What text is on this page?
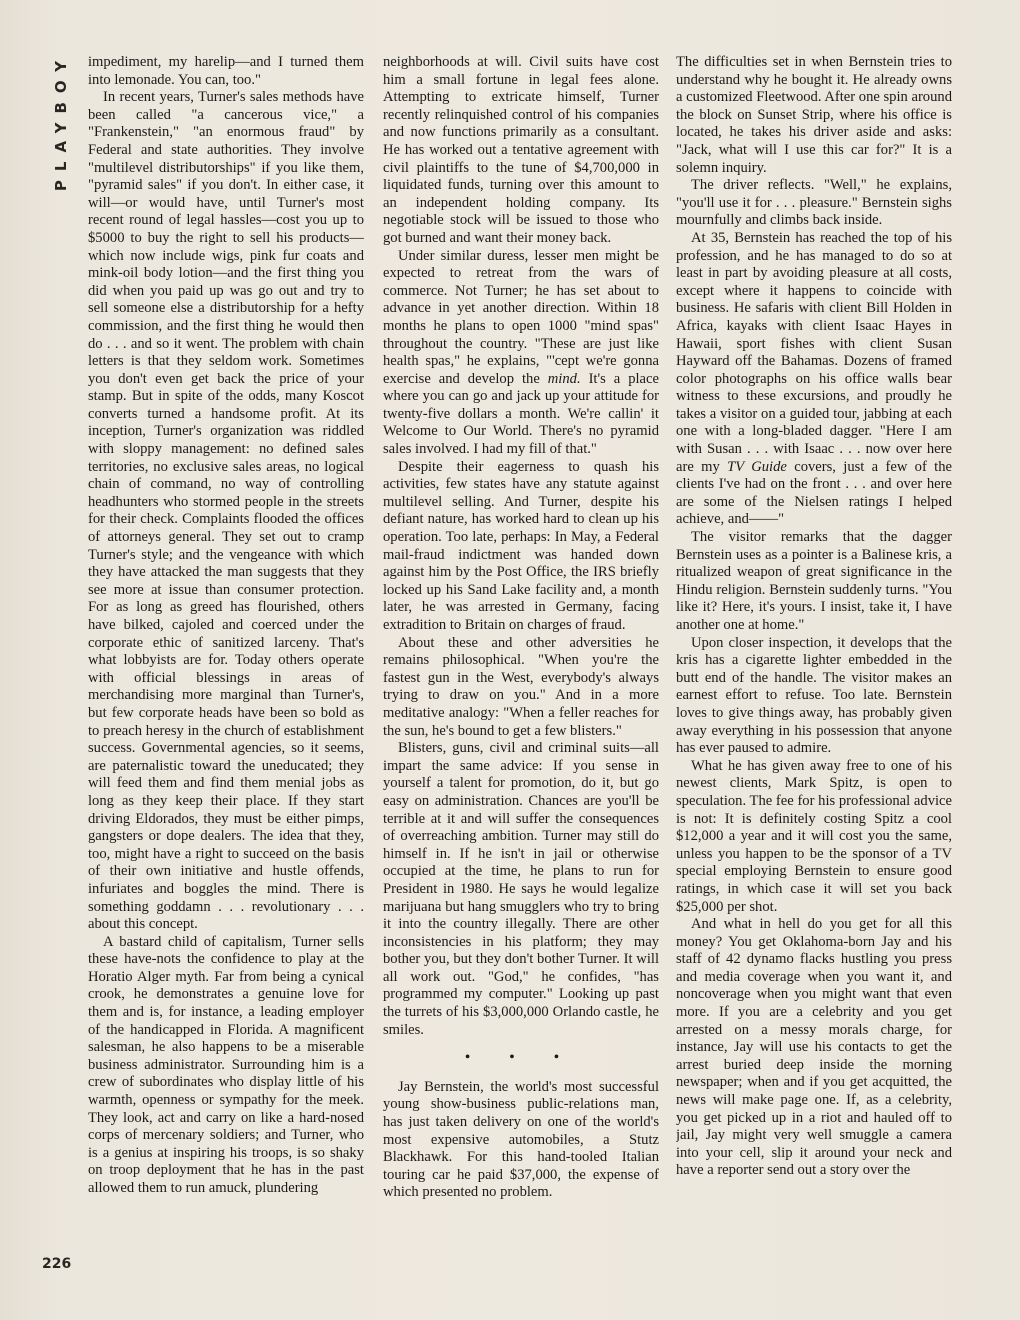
PLAYBOY
226

impediment, my harelip—and I turned them into lemonade. You can, too."

In recent years, Turner's sales methods have been called "a cancerous vice," a "Frankenstein," "an enormous fraud" by Federal and state authorities. They involve "multilevel distributorships" if you like them, "pyramid sales" if you don't. In either case, it will—or would have, until Turner's most recent round of legal hassles—cost you up to $5000 to buy the right to sell his products—which now include wigs, pink fur coats and mink-oil body lotion—and the first thing you did when you paid up was go out and try to sell someone else a distributorship for a hefty commission, and the first thing he would then do . . . and so it went. The problem with chain letters is that they seldom work. Sometimes you don't even get back the price of your stamp. But in spite of the odds, many Koscot converts turned a handsome profit. At its inception, Turner's organization was riddled with sloppy management: no defined sales territories, no exclusive sales areas, no logical chain of command, no way of controlling headhunters who stormed people in the streets for their check. Complaints flooded the offices of attorneys general. They set out to cramp Turner's style; and the vengeance with which they have attacked the man suggests that they see more at issue than consumer protection. For as long as greed has flourished, others have bilked, cajoled and coerced under the corporate ethic of sanitized larceny. That's what lobbyists are for. Today others operate with official blessings in areas of merchandising more marginal than Turner's, but few corporate heads have been so bold as to preach heresy in the church of establishment success. Governmental agencies, so it seems, are paternalistic toward the uneducated; they will feed them and find them menial jobs as long as they keep their place. If they start driving Eldorados, they must be either pimps, gangsters or dope dealers. The idea that they, too, might have a right to succeed on the basis of their own initiative and hustle offends, infuriates and boggles the mind. There is something goddamn . . . revolutionary . . . about this concept.

A bastard child of capitalism, Turner sells these have-nots the confidence to play at the Horatio Alger myth. Far from being a cynical crook, he demonstrates a genuine love for them and is, for instance, a leading employer of the handicapped in Florida. A magnificent salesman, he also happens to be a miserable business administrator. Surrounding him is a crew of subordinates who display little of his warmth, openness or sympathy for the meek. They look, act and carry on like a hard-nosed corps of mercenary soldiers; and Turner, who is a genius at inspiring his troops, is so shaky on troop deployment that he has in the past allowed them to run amuck, plundering

neighborhoods at will. Civil suits have cost him a small fortune in legal fees alone. Attempting to extricate himself, Turner recently relinquished control of his companies and now functions primarily as a consultant. He has worked out a tentative agreement with civil plaintiffs to the tune of $4,700,000 in liquidated funds, turning over this amount to an independent holding company. Its negotiable stock will be issued to those who got burned and want their money back.

Under similar duress, lesser men might be expected to retreat from the wars of commerce. Not Turner; he has set about to advance in yet another direction. Within 18 months he plans to open 1000 "mind spas" throughout the country. "These are just like health spas," he explains, "'cept we're gonna exercise and develop the mind. It's a place where you can go and jack up your attitude for twenty-five dollars a month. We're callin' it Welcome to Our World. There's no pyramid sales involved. I had my fill of that."

Despite their eagerness to quash his activities, few states have any statute against multilevel selling. And Turner, despite his defiant nature, has worked hard to clean up his operation. Too late, perhaps: In May, a Federal mail-fraud indictment was handed down against him by the Post Office, the IRS briefly locked up his Sand Lake facility and, a month later, he was arrested in Germany, facing extradition to Britain on charges of fraud.

About these and other adversities he remains philosophical. "When you're the fastest gun in the West, everybody's always trying to draw on you." And in a more meditative analogy: "When a feller reaches for the sun, he's bound to get a few blisters."

Blisters, guns, civil and criminal suits—all impart the same advice: If you sense in yourself a talent for promotion, do it, but go easy on administration. Chances are you'll be terrible at it and will suffer the consequences of overreaching ambition. Turner may still do himself in. If he isn't in jail or otherwise occupied at the time, he plans to run for President in 1980. He says he would legalize marijuana but hang smugglers who try to bring it into the country illegally. There are other inconsistencies in his platform; they may bother you, but they don't bother Turner. It will all work out. "God," he confides, "has programmed my computer." Looking up past the turrets of his $3,000,000 Orlando castle, he smiles.

• • •

Jay Bernstein, the world's most successful young show-business public-relations man, has just taken delivery on one of the world's most expensive automobiles, a Stutz Blackhawk. For this hand-tooled Italian touring car he paid $37,000, the expense of which presented no problem.

The difficulties set in when Bernstein tries to understand why he bought it. He already owns a customized Fleetwood. After one spin around the block on Sunset Strip, where his office is located, he takes his driver aside and asks: "Jack, what will I use this car for?" It is a solemn inquiry.

The driver reflects. "Well," he explains, "you'll use it for . . . pleasure." Bernstein sighs mournfully and climbs back inside.

At 35, Bernstein has reached the top of his profession, and he has managed to do so at least in part by avoiding pleasure at all costs, except where it happens to coincide with business. He safaris with client Bill Holden in Africa, kayaks with client Isaac Hayes in Hawaii, sport fishes with client Susan Hayward off the Bahamas. Dozens of framed color photographs on his office walls bear witness to these excursions, and proudly he takes a visitor on a guided tour, jabbing at each one with a long-bladed dagger. "Here I am with Susan . . . with Isaac . . . now over here are my TV Guide covers, just a few of the clients I've had on the front . . . and over here are some of the Nielsen ratings I helped achieve, and——"

The visitor remarks that the dagger Bernstein uses as a pointer is a Balinese kris, a ritualized weapon of great significance in the Hindu religion. Bernstein suddenly turns. "You like it? Here, it's yours. I insist, take it, I have another one at home."

Upon closer inspection, it develops that the kris has a cigarette lighter embedded in the butt end of the handle. The visitor makes an earnest effort to refuse. Too late. Bernstein loves to give things away, has probably given away everything in his possession that anyone has ever paused to admire.

What he has given away free to one of his newest clients, Mark Spitz, is open to speculation. The fee for his professional advice is not: It is definitely costing Spitz a cool $12,000 a year and it will cost you the same, unless you happen to be the sponsor of a TV special employing Bernstein to ensure good ratings, in which case it will set you back $25,000 per shot.

And what in hell do you get for all this money? You get Oklahoma-born Jay and his staff of 42 dynamo flacks hustling you press and media coverage when you want it, and noncoverage when you might want that even more. If you are a celebrity and you get arrested on a messy morals charge, for instance, Jay will use his contacts to get the arrest buried deep inside the morning newspaper; when and if you get acquitted, the news will make page one. If, as a celebrity, you get picked up in a riot and hauled off to jail, Jay might very well smuggle a camera into your cell, slip it around your neck and have a reporter send out a story over the
